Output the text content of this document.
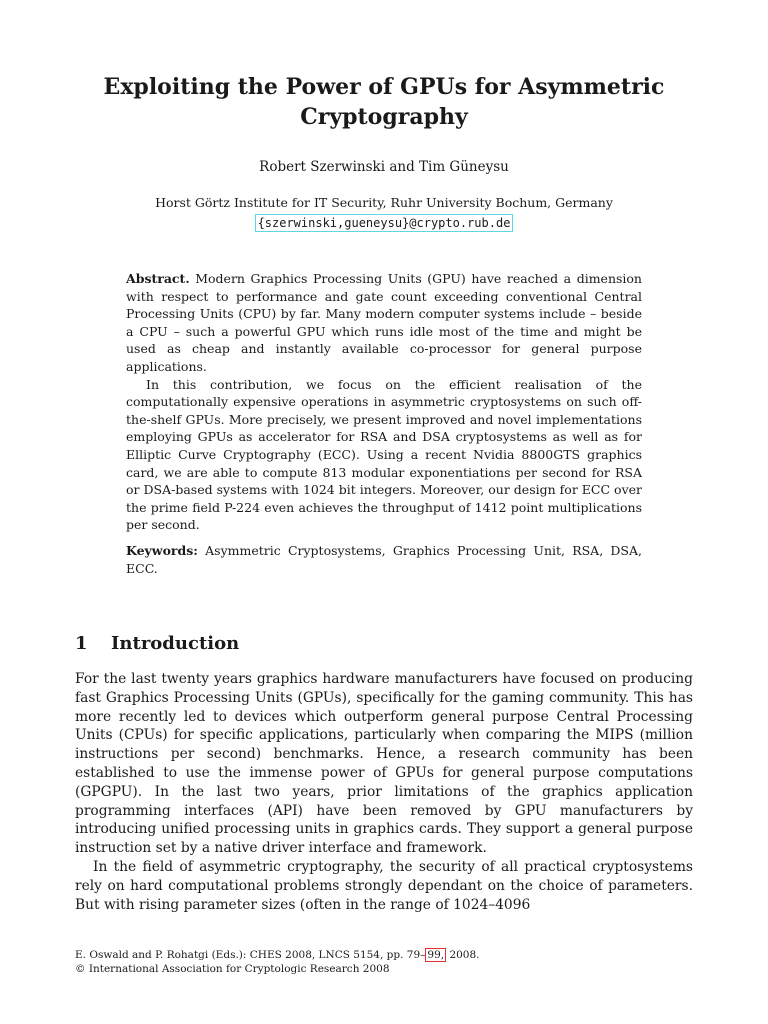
Exploiting the Power of GPUs for Asymmetric
Cryptography

Robert Szerwinski and Tim Güneysu

Horst Görtz Institute for IT Security, Ruhr University Bochum, Germany

{szerwinski,gueneysu}@crypto.rub.de

Abstract. Modern Graphics Processing Units (GPU) have reached a dimension with respect to performance and gate count exceeding conventional Central Processing Units (CPU) by far. Many modern computer systems include – beside a CPU – such a powerful GPU which runs idle most of the time and might be used as cheap and instantly available co-processor for general purpose applications.

In this contribution, we focus on the efficient realisation of the computationally expensive operations in asymmetric cryptosystems on such off-the-shelf GPUs. More precisely, we present improved and novel implementations employing GPUs as accelerator for RSA and DSA cryptosystems as well as for Elliptic Curve Cryptography (ECC). Using a recent Nvidia 8800GTS graphics card, we are able to compute 813 modular exponentiations per second for RSA or DSA-based systems with 1024 bit integers. Moreover, our design for ECC over the prime field P-224 even achieves the throughput of 1412 point multiplications per second.

Keywords: Asymmetric Cryptosystems, Graphics Processing Unit, RSA, DSA, ECC.
1 Introduction

For the last twenty years graphics hardware manufacturers have focused on producing fast Graphics Processing Units (GPUs), specifically for the gaming community. This has more recently led to devices which outperform general purpose Central Processing Units (CPUs) for specific applications, particularly when comparing the MIPS (million instructions per second) benchmarks. Hence, a research community has been established to use the immense power of GPUs for general purpose computations (GPGPU). In the last two years, prior limitations of the graphics application programming interfaces (API) have been removed by GPU manufacturers by introducing unified processing units in graphics cards. They support a general purpose instruction set by a native driver interface and framework.

In the field of asymmetric cryptography, the security of all practical cryptosystems rely on hard computational problems strongly dependant on the choice of parameters. But with rising parameter sizes (often in the range of 1024–4096

E. Oswald and P. Rohatgi (Eds.): CHES 2008, LNCS 5154, pp. 79– 99, 2008.
© International Association for Cryptologic Research 2008
